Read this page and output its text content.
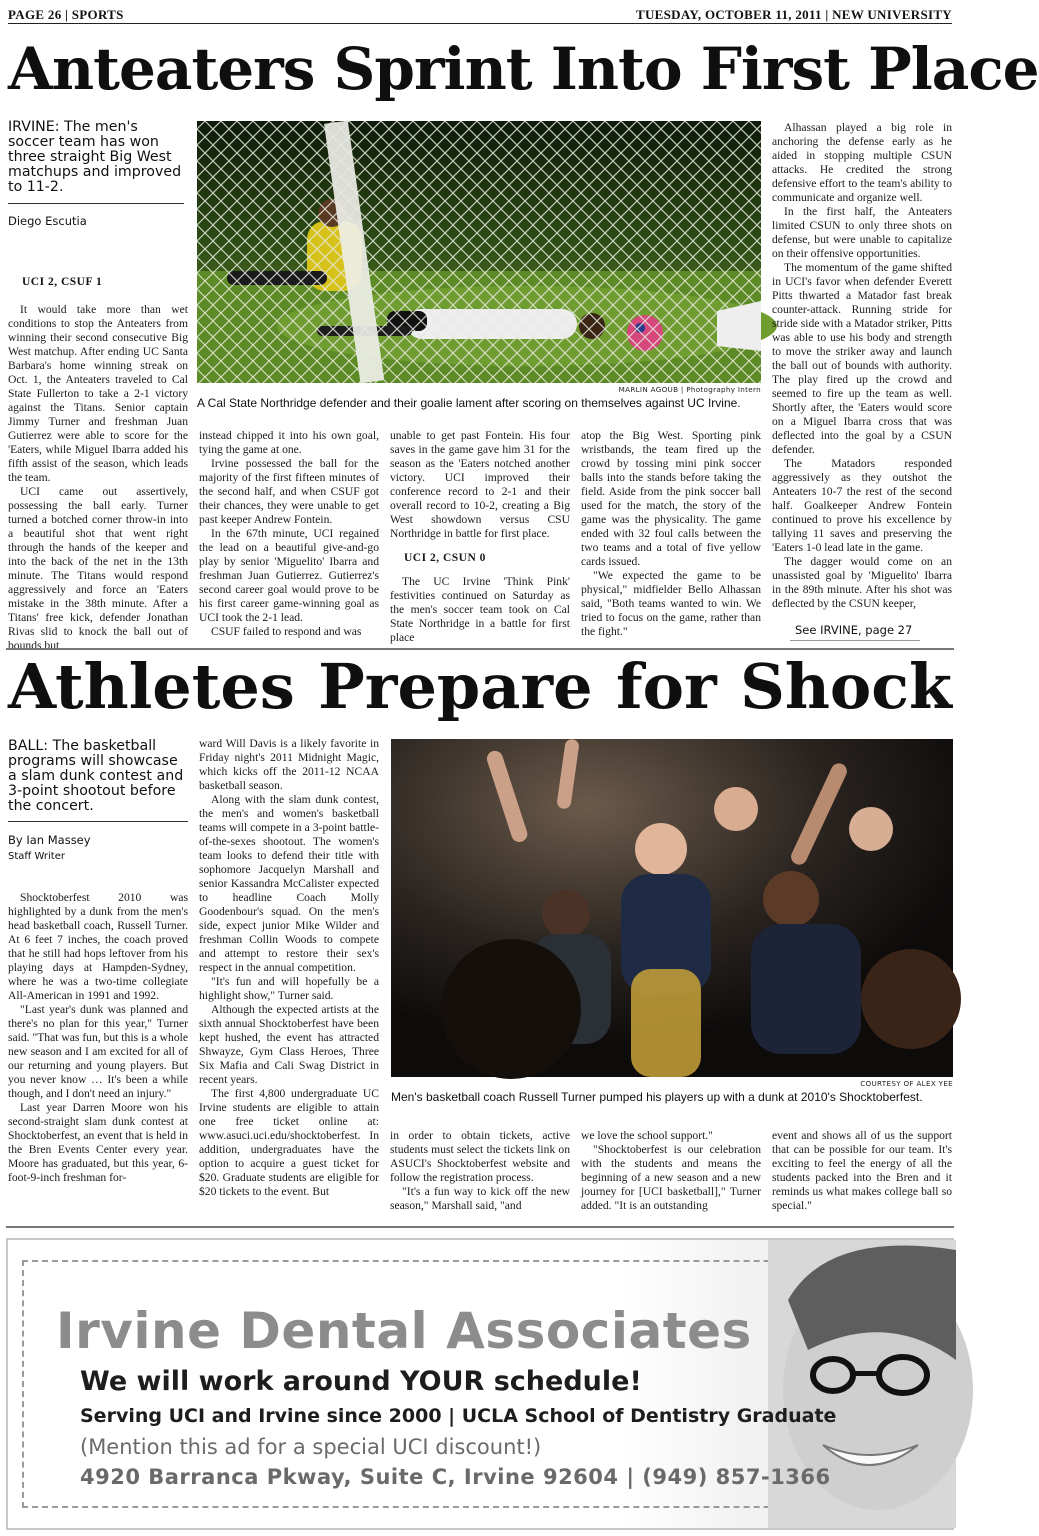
PAGE 26 | SPORTS	TUESDAY, OCTOBER 11, 2011 | NEW UNIVERSITY
Anteaters Sprint Into First Place
IRVINE: The men's soccer team has won three straight Big West matchups and improved to 11-2.
Diego Escutia
UCI 2, CSUF 1

It would take more than wet conditions to stop the Anteaters from winning their second consecutive Big West matchup. After ending UC Santa Barbara's home winning streak on Oct. 1, the Anteaters traveled to Cal State Fullerton to take a 2-1 victory against the Titans. Senior captain Jimmy Turner and freshman Juan Gutierrez were able to score for the 'Eaters, while Miguel Ibarra added his fifth assist of the season, which leads the team.

UCI came out assertively, possessing the ball early. Turner turned a botched corner throw-in into a beautiful shot that went right through the hands of the keeper and into the back of the net in the 13th minute. The Titans would respond aggressively and force an 'Eaters mistake in the 38th minute. After a Titans' free kick, defender Jonathan Rivas slid to knock the ball out of bounds but

MARLIN AGOUB | Photography Intern
A Cal State Northridge defender and their goalie lament after scoring on themselves against UC Irvine.

instead chipped it into his own goal, tying the game at one.

Irvine possessed the ball for the majority of the first fifteen minutes of the second half, and when CSUF got their chances, they were unable to get past keeper Andrew Fontein.

In the 67th minute, UCI regained the lead on a beautiful give-and-go play by senior 'Miguelito' Ibarra and freshman Juan Gutierrez. Gutierrez's second career goal would prove to be his first career game-winning goal as UCI took the 2-1 lead.

CSUF failed to respond and was

unable to get past Fontein. His four saves in the game gave him 31 for the season as the 'Eaters notched another victory. UCI improved their conference record to 2-1 and their overall record to 10-2, creating a Big West showdown versus CSU Northridge in battle for first place.

UCI 2, CSUN 0

The UC Irvine 'Think Pink' festivities continued on Saturday as the men's soccer team took on Cal State Northridge in a battle for first place

atop the Big West. Sporting pink wristbands, the team fired up the crowd by tossing mini pink soccer balls into the stands before taking the field. Aside from the pink soccer ball used for the match, the story of the game was the physicality. The game ended with 32 foul calls between the two teams and a total of five yellow cards issued.

"We expected the game to be physical," midfielder Bello Alhassan said, "Both teams wanted to win. We tried to focus on the game, rather than the fight."

Alhassan played a big role in anchoring the defense early as he aided in stopping multiple CSUN attacks. He credited the strong defensive effort to the team's ability to communicate and organize well.

In the first half, the Anteaters limited CSUN to only three shots on defense, but were unable to capitalize on their offensive opportunities.

The momentum of the game shifted in UCI's favor when defender Everett Pitts thwarted a Matador fast break counter-attack. Running stride for stride side with a Matador striker, Pitts was able to use his body and strength to move the striker away and launch the ball out of bounds with authority. The play fired up the crowd and seemed to fire up the team as well. Shortly after, the 'Eaters would score on a Miguel Ibarra cross that was deflected into the goal by a CSUN defender.

The Matadors responded aggressively as they outshot the Anteaters 10-7 the rest of the second half. Goalkeeper Andrew Fontein continued to prove his excellence by tallying 11 saves and preserving the 'Eaters 1-0 lead late in the game.

The dagger would come on an unassisted goal by 'Miguelito' Ibarra in the 89th minute. After his shot was deflected by the CSUN keeper,

See IRVINE, page 27
Athletes Prepare for Shock
BALL: The basketball programs will showcase a slam dunk contest and 3-point shootout before the concert.
By Ian Massey
Staff Writer

Shocktoberfest 2010 was highlighted by a dunk from the men's head basketball coach, Russell Turner. At 6 feet 7 inches, the coach proved that he still had hops leftover from his playing days at Hampden-Sydney, where he was a two-time collegiate All-American in 1991 and 1992.

"Last year's dunk was planned and there's no plan for this year," Turner said. "That was fun, but this is a whole new season and I am excited for all of our returning and young players. But you never know … It's been a while though, and I don't need an injury."

Last year Darren Moore won his second-straight slam dunk contest at Shocktoberfest, an event that is held in the Bren Events Center every year. Moore has graduated, but this year, 6-foot-9-inch freshman for-

ward Will Davis is a likely favorite in Friday night's 2011 Midnight Magic, which kicks off the 2011-12 NCAA basketball season.

Along with the slam dunk contest, the men's and women's basketball teams will compete in a 3-point battle-of-the-sexes shootout. The women's team looks to defend their title with sophomore Jacquelyn Marshall and senior Kassandra McCalister expected to headline Coach Molly Goodenbour's squad. On the men's side, expect junior Mike Wilder and freshman Collin Woods to compete and attempt to restore their sex's respect in the annual competition.

"It's fun and will hopefully be a highlight show," Turner said.

Although the expected artists at the sixth annual Shocktoberfest have been kept hushed, the event has attracted Shwayze, Gym Class Heroes, Three Six Mafia and Cali Swag District in recent years.

The first 4,800 undergraduate UC Irvine students are eligible to attain one free ticket online at: www.asuci.uci.edu/shocktoberfest. In addition, undergraduates have the option to acquire a guest ticket for $20. Graduate students are eligible for $20 tickets to the event. But

COURTESY OF ALEX YEE
Men's basketball coach Russell Turner pumped his players up with a dunk at 2010's Shocktoberfest.

in order to obtain tickets, active students must select the tickets link on ASUCI's Shocktoberfest website and follow the registration process.

"It's a fun way to kick off the new season," Marshall said, "and

we love the school support."

"Shocktoberfest is our celebration with the students and means the beginning of a new season and a new journey for [UCI basketball]," Turner added. "It is an outstanding

event and shows all of us the support that can be possible for our team. It's exciting to feel the energy of all the students packed into the Bren and it reminds us what makes college ball so special."

Irvine Dental Associates
We will work around YOUR schedule!
Serving UCI and Irvine since 2000 | UCLA School of Dentistry Graduate
(Mention this ad for a special UCI discount!)
4920 Barranca Pkway, Suite C, Irvine 92604 | (949) 857-1366
